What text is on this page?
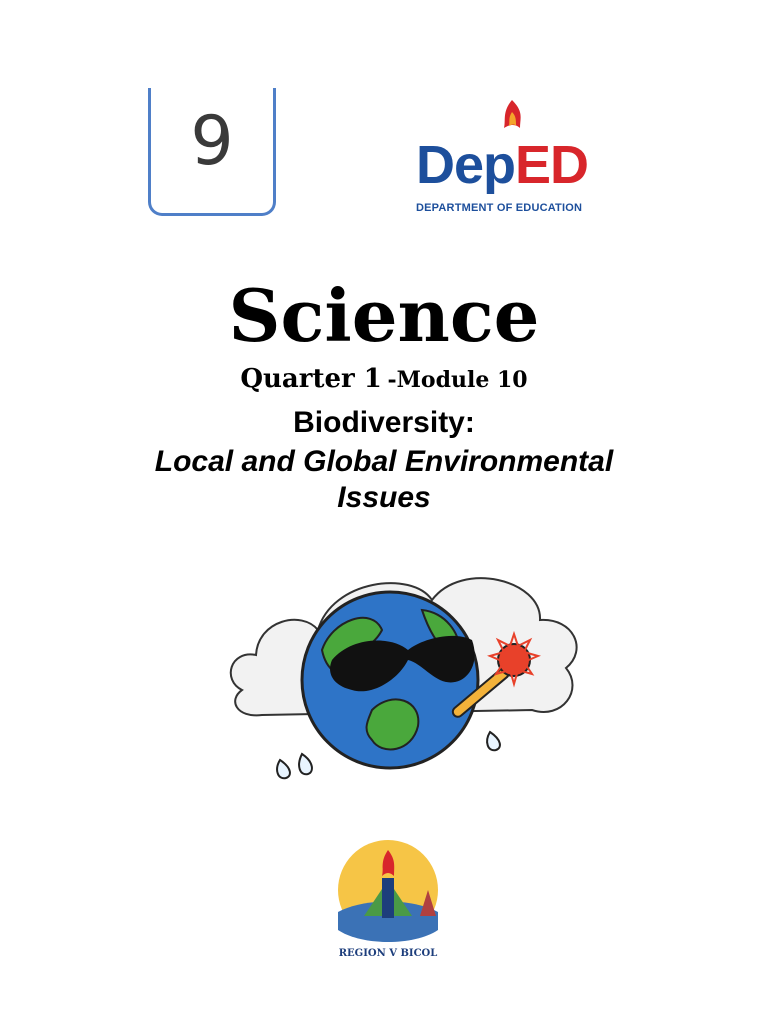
9	DepED
DEPARTMENT OF EDUCATION
Science
Quarter 1 -Module 10
Biodiversity:
Local and Global Environmental
Issues
REGION V BICOL
